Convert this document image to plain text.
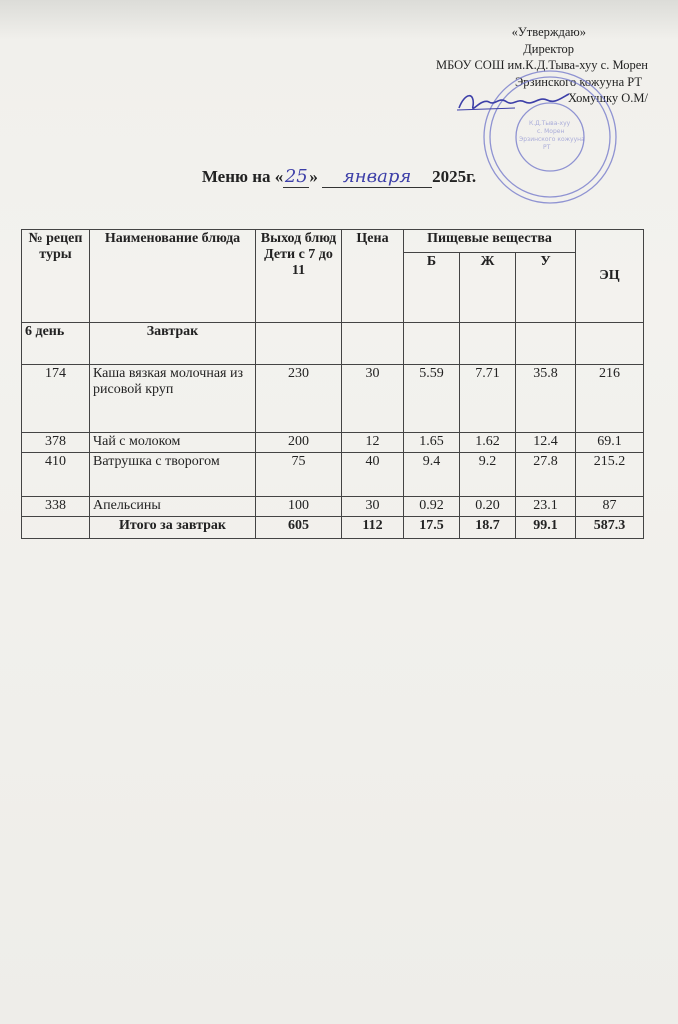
«Утверждаю»
Директор
МБОУ СОШ им.К.Д.Тыва-хуу с. Морен
Эрзинского кожууна РТ
Хомушку О.М/
К.Д.Тыва-хуу
с. Морен
Эрзинского кожууна
РТ
Меню на «25» января 2025г.
№ рецеп туры	Наименование блюда	Выход блюд Дети с 7 до 11	Цена	Пищевые вещества			ЭЦ
				Б	Ж	У	
6 день	Завтрак						
174	Каша вязкая молочная из рисовой круп	230	30	5.59	7.71	35.8	216
378	Чай с молоком	200	12	1.65	1.62	12.4	69.1
410	Ватрушка с творогом	75	40	9.4	9.2	27.8	215.2
338	Апельсины	100	30	0.92	0.20	23.1	87
	Итого за завтрак	605	112	17.5	18.7	99.1	587.3
